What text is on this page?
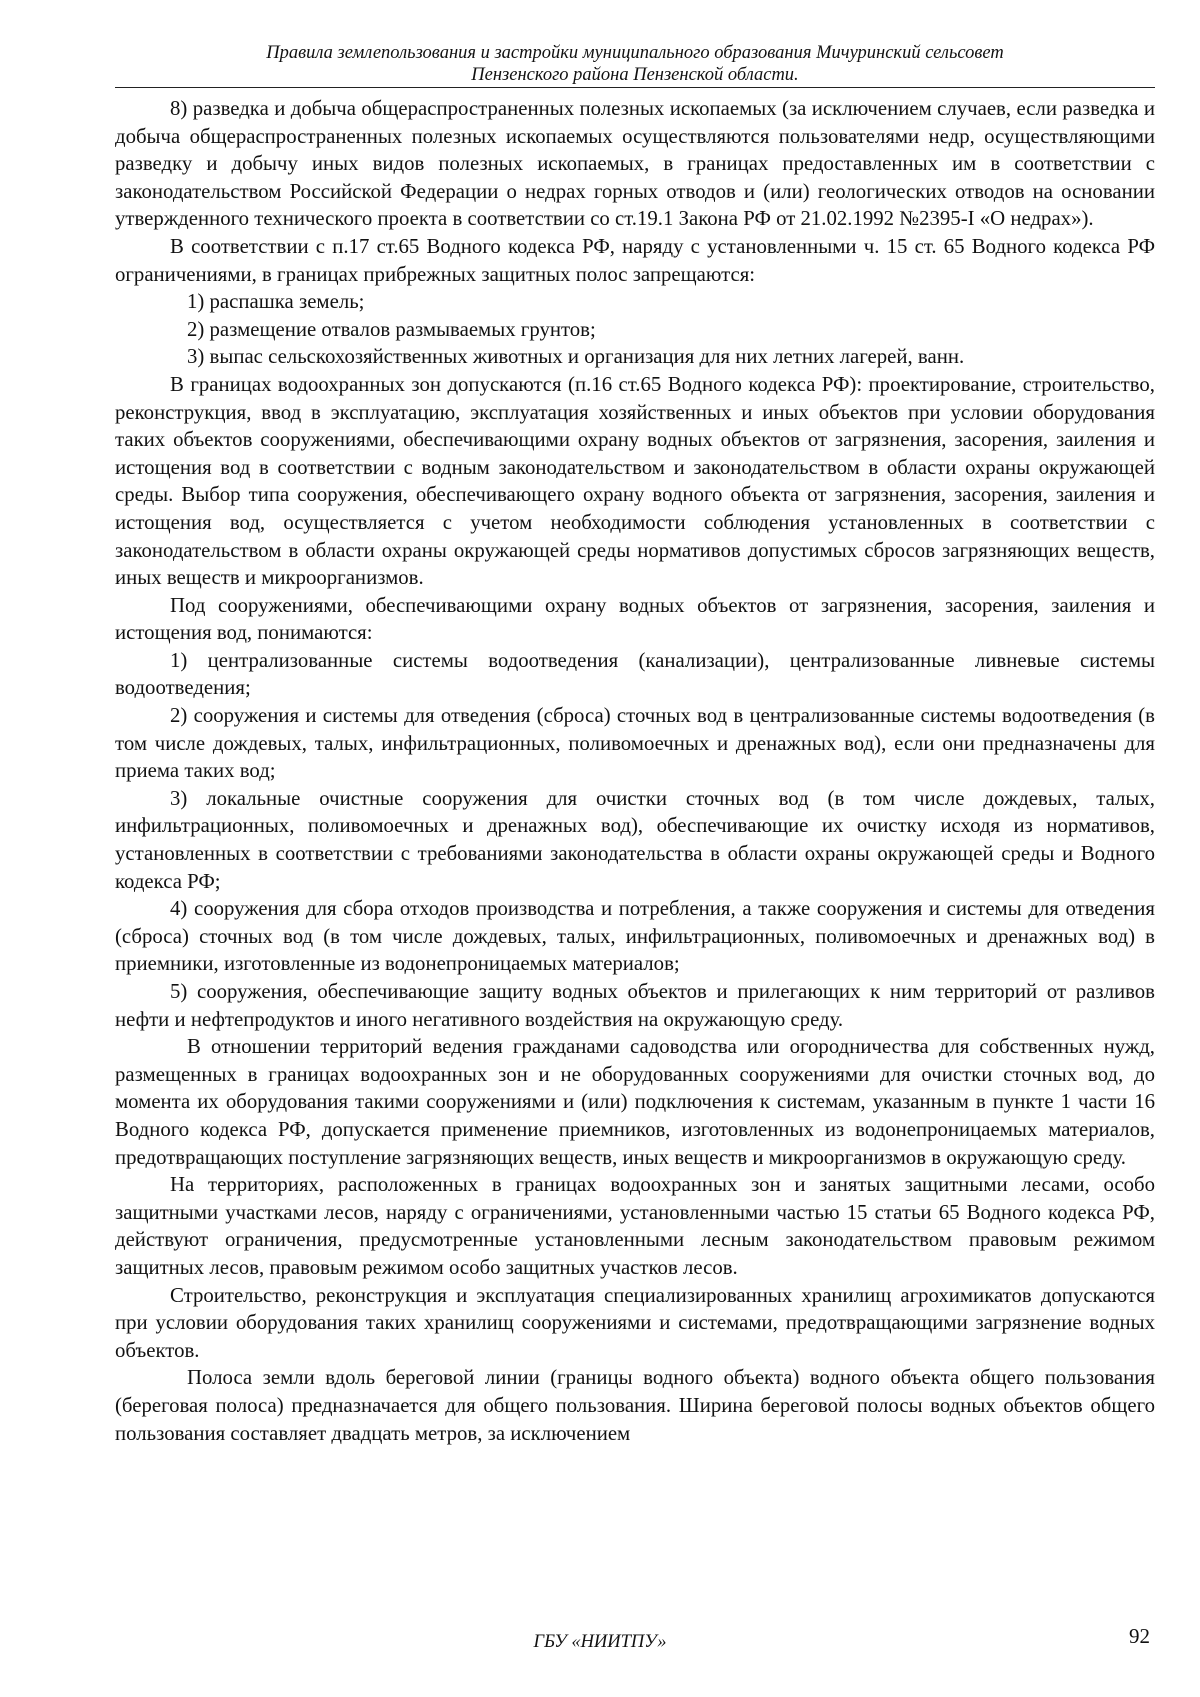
Правила землепользования и застройки муниципального образования Мичуринский сельсовет
Пензенского района Пензенской области.

8) разведка и добыча общераспространенных полезных ископаемых (за исключением случаев, если разведка и добыча общераспространенных полезных ископаемых осуществляются пользователями недр, осуществляющими разведку и добычу иных видов полезных ископаемых, в границах предоставленных им в соответствии с законодательством Российской Федерации о недрах горных отводов и (или) геологических отводов на основании утвержденного технического проекта в соответствии со ст.19.1 Закона РФ от 21.02.1992 №2395-I «О недрах»).

В соответствии с п.17 ст.65 Водного кодекса РФ, наряду с установленными ч. 15 ст. 65 Водного кодекса РФ ограничениями, в границах прибрежных защитных полос запрещаются:

1) распашка земель;

2) размещение отвалов размываемых грунтов;

3) выпас сельскохозяйственных животных и организация для них летних лагерей, ванн.

В границах водоохранных зон допускаются (п.16 ст.65 Водного кодекса РФ): проектирование, строительство, реконструкция, ввод в эксплуатацию, эксплуатация хозяйственных и иных объектов при условии оборудования таких объектов сооружениями, обеспечивающими охрану водных объектов от загрязнения, засорения, заиления и истощения вод в соответствии с водным законодательством и законодательством в области охраны окружающей среды. Выбор типа сооружения, обеспечивающего охрану водного объекта от загрязнения, засорения, заиления и истощения вод, осуществляется с учетом необходимости соблюдения установленных в соответствии с законодательством в области охраны окружающей среды нормативов допустимых сбросов загрязняющих веществ, иных веществ и микроорганизмов.

Под сооружениями, обеспечивающими охрану водных объектов от загрязнения, засорения, заиления и истощения вод, понимаются:

1) централизованные системы водоотведения (канализации), централизованные ливневые системы водоотведения;

2) сооружения и системы для отведения (сброса) сточных вод в централизованные системы водоотведения (в том числе дождевых, талых, инфильтрационных, поливомоечных и дренажных вод), если они предназначены для приема таких вод;

3) локальные очистные сооружения для очистки сточных вод (в том числе дождевых, талых, инфильтрационных, поливомоечных и дренажных вод), обеспечивающие их очистку исходя из нормативов, установленных в соответствии с требованиями законодательства в области охраны окружающей среды и Водного кодекса РФ;

4) сооружения для сбора отходов производства и потребления, а также сооружения и системы для отведения (сброса) сточных вод (в том числе дождевых, талых, инфильтрационных, поливомоечных и дренажных вод) в приемники, изготовленные из водонепроницаемых материалов;

5) сооружения, обеспечивающие защиту водных объектов и прилегающих к ним территорий от разливов нефти и нефтепродуктов и иного негативного воздействия на окружающую среду.

В отношении территорий ведения гражданами садоводства или огородничества для собственных нужд, размещенных в границах водоохранных зон и не оборудованных сооружениями для очистки сточных вод, до момента их оборудования такими сооружениями и (или) подключения к системам, указанным в пункте 1 части 16 Водного кодекса РФ, допускается применение приемников, изготовленных из водонепроницаемых материалов, предотвращающих поступление загрязняющих веществ, иных веществ и микроорганизмов в окружающую среду.

На территориях, расположенных в границах водоохранных зон и занятых защитными лесами, особо защитными участками лесов, наряду с ограничениями, установленными частью 15 статьи 65 Водного кодекса РФ, действуют ограничения, предусмотренные установленными лесным законодательством правовым режимом защитных лесов, правовым режимом особо защитных участков лесов.

Строительство, реконструкция и эксплуатация специализированных хранилищ агрохимикатов допускаются при условии оборудования таких хранилищ сооружениями и системами, предотвращающими загрязнение водных объектов.

Полоса земли вдоль береговой линии (границы водного объекта) водного объекта общего пользования (береговая полоса) предназначается для общего пользования. Ширина береговой полосы водных объектов общего пользования составляет двадцать метров, за исключением

ГБУ «НИИТПУ»	92
